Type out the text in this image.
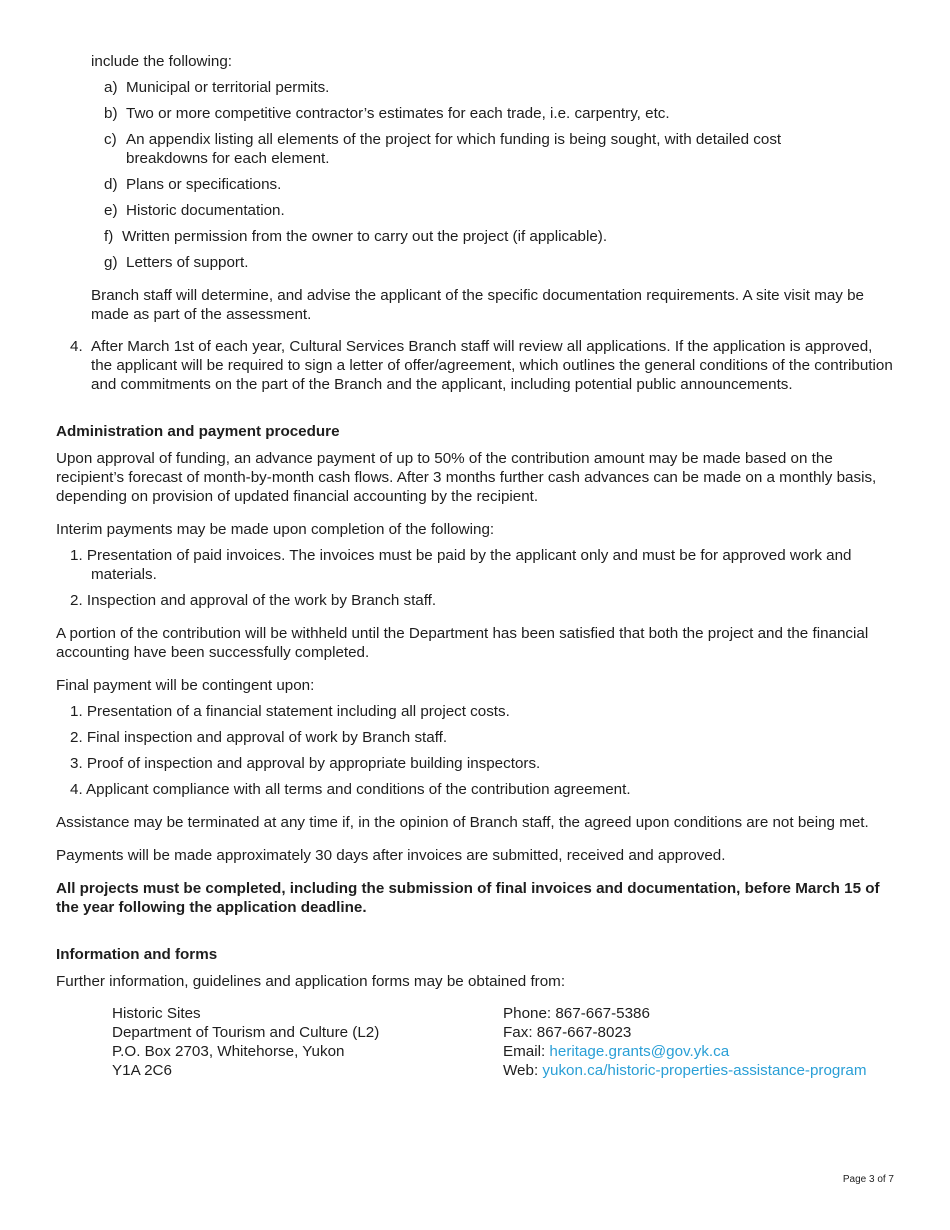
include the following:

a) Municipal or territorial permits.
b) Two or more competitive contractor’s estimates for each trade, i.e. carpentry, etc.
c) An appendix listing all elements of the project for which funding is being sought, with detailed cost breakdowns for each element.
d) Plans or specifications.
e) Historic documentation.
f) Written permission from the owner to carry out the project (if applicable).
g) Letters of support.

Branch staff will determine, and advise the applicant of the specific documentation requirements. A site visit may be made as part of the assessment.

4. After March 1st of each year, Cultural Services Branch staff will review all applications. If the application is approved, the applicant will be required to sign a letter of offer/agreement, which outlines the general conditions of the contribution and commitments on the part of the Branch and the applicant, including potential public announcements.
Administration and payment procedure

Upon approval of funding, an advance payment of up to 50% of the contribution amount may be made based on the recipient’s forecast of month-by-month cash flows. After 3 months further cash advances can be made on a monthly basis, depending on provision of updated financial accounting by the recipient.

Interim payments may be made upon completion of the following:

1. Presentation of paid invoices. The invoices must be paid by the applicant only and must be for approved work and materials.
2. Inspection and approval of the work by Branch staff.

A portion of the contribution will be withheld until the Department has been satisfied that both the project and the financial accounting have been successfully completed.

Final payment will be contingent upon:

1. Presentation of a financial statement including all project costs.
2. Final inspection and approval of work by Branch staff.
3. Proof of inspection and approval by appropriate building inspectors.
4. Applicant compliance with all terms and conditions of the contribution agreement.

Assistance may be terminated at any time if, in the opinion of Branch staff, the agreed upon conditions are not being met.

Payments will be made approximately 30 days after invoices are submitted, received and approved.

All projects must be completed, including the submission of final invoices and documentation, before March 15 of the year following the application deadline.

Information and forms

Further information, guidelines and application forms may be obtained from:

Historic Sites
Department of Tourism and Culture (L2)
P.O. Box 2703, Whitehorse, Yukon
Y1A 2C6
Phone: 867-667-5386
Fax: 867-667-8023
Email: heritage.grants@gov.yk.ca
Web: yukon.ca/historic-properties-assistance-program
Page 3 of 7
